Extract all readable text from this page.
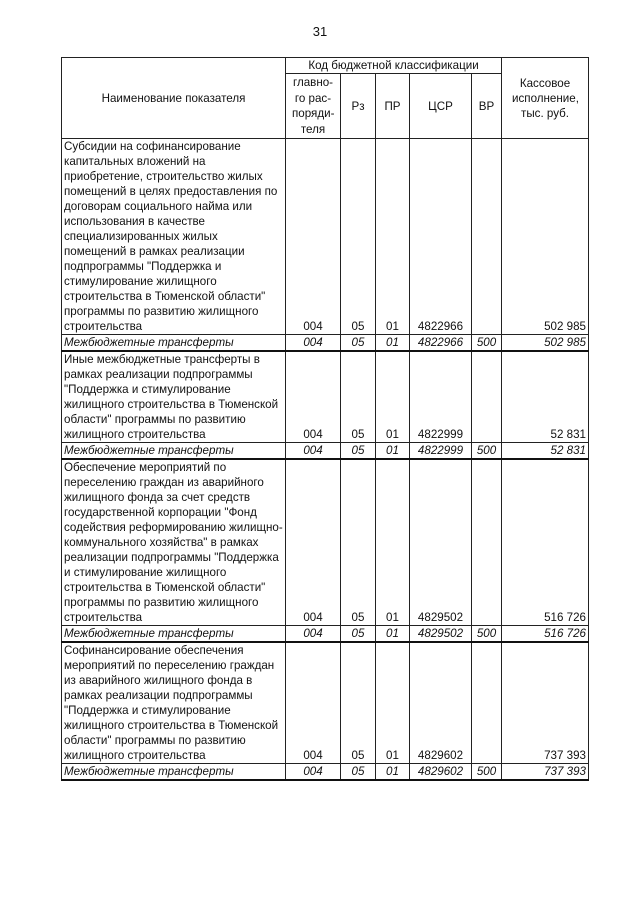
31
Наименование показателя	Код бюджетной классификации					Кассовое исполнение, тыс. руб.
	главно-го рас-поряди-теля	Рз	ПР	ЦСР	ВР	
Субсидии на софинансирование капитальных вложений на приобретение, строительство жилых помещений в целях предоставления по договорам социального найма или использования в качестве специализированных жилых помещений в рамках реализации подпрограммы "Поддержка и стимулирование жилищного строительства в Тюменской области" программы по развитию жилищного строительства	004	05	01	4822966		502 985
Межбюджетные трансферты	004	05	01	4822966	500	502 985
Иные межбюджетные трансферты в рамках реализации подпрограммы "Поддержка и стимулирование жилищного строительства в Тюменской области" программы по развитию жилищного строительства	004	05	01	4822999		52 831
Межбюджетные трансферты	004	05	01	4822999	500	52 831
Обеспечение мероприятий по переселению граждан из аварийного жилищного фонда за счет средств государственной корпорации "Фонд содействия реформированию жилищно-коммунального хозяйства" в рамках реализации подпрограммы "Поддержка и стимулирование жилищного строительства в Тюменской области" программы по развитию жилищного строительства	004	05	01	4829502		516 726
Межбюджетные трансферты	004	05	01	4829502	500	516 726
Софинансирование обеспечения мероприятий по переселению граждан из аварийного жилищного фонда в рамках реализации подпрограммы "Поддержка и стимулирование жилищного строительства в Тюменской области" программы по развитию жилищного строительства	004	05	01	4829602		737 393
Межбюджетные трансферты	004	05	01	4829602	500	737 393
